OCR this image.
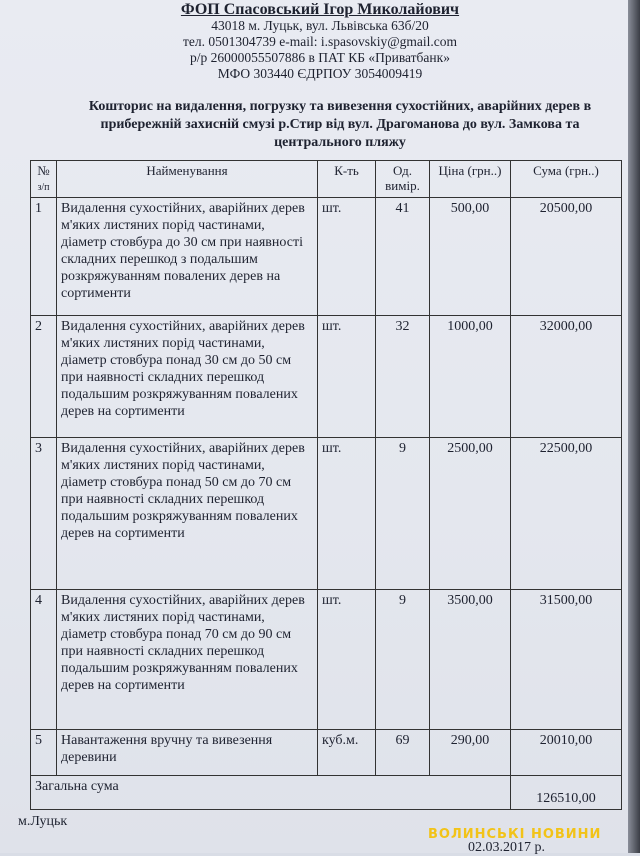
ФОП Спасовський Ігор Миколайович
43018 м. Луцьк, вул. Львівська 63б/20
тел. 0501304739 e-mail: i.spasovskiy@gmail.com
р/р 26000055507886 в ПАТ КБ «Приватбанк»
МФО 303440 ЄДРПОУ 3054009419
Кошторис на видалення, погрузку та вивезення сухостійних, аварійних дерев в прибережній захисній смузі р.Стир від вул. Драгоманова до вул. Замкова та центрального пляжу
№
з/п	Найменування	К-ть	Од. вимір.	Ціна (грн..)	Сума (грн..)
1	Видалення сухостійних, аварійних дерев м'яких листяних порід частинами, діаметр стовбура до 30 см при наявності складних перешкод з подальшим розкряжуванням повалених дерев на сортименти	шт.	41	500,00	20500,00
2	Видалення сухостійних, аварійних дерев м'яких листяних порід частинами, діаметр стовбура понад 30 см до 50 см при наявності складних перешкод подальшим розкряжуванням повалених дерев на сортименти	шт.	32	1000,00	32000,00
3	Видалення сухостійних, аварійних дерев м'яких листяних порід частинами, діаметр стовбура понад 50 см до 70 см при наявності складних перешкод подальшим розкряжуванням повалених дерев на сортименти	шт.	9	2500,00	22500,00
4	Видалення сухостійних, аварійних дерев м'яких листяних порід частинами, діаметр стовбура понад 70 см до 90 см при наявності складних перешкод подальшим розкряжуванням повалених дерев на сортименти	шт.	9	3500,00	31500,00
5	Навантаження вручну та вивезення деревини	куб.м.	69	290,00	20010,00
Загальна сума					126510,00
м.Луцьк
02.03.2017 р.
ВОЛИНСЬКІ НОВИНИ
